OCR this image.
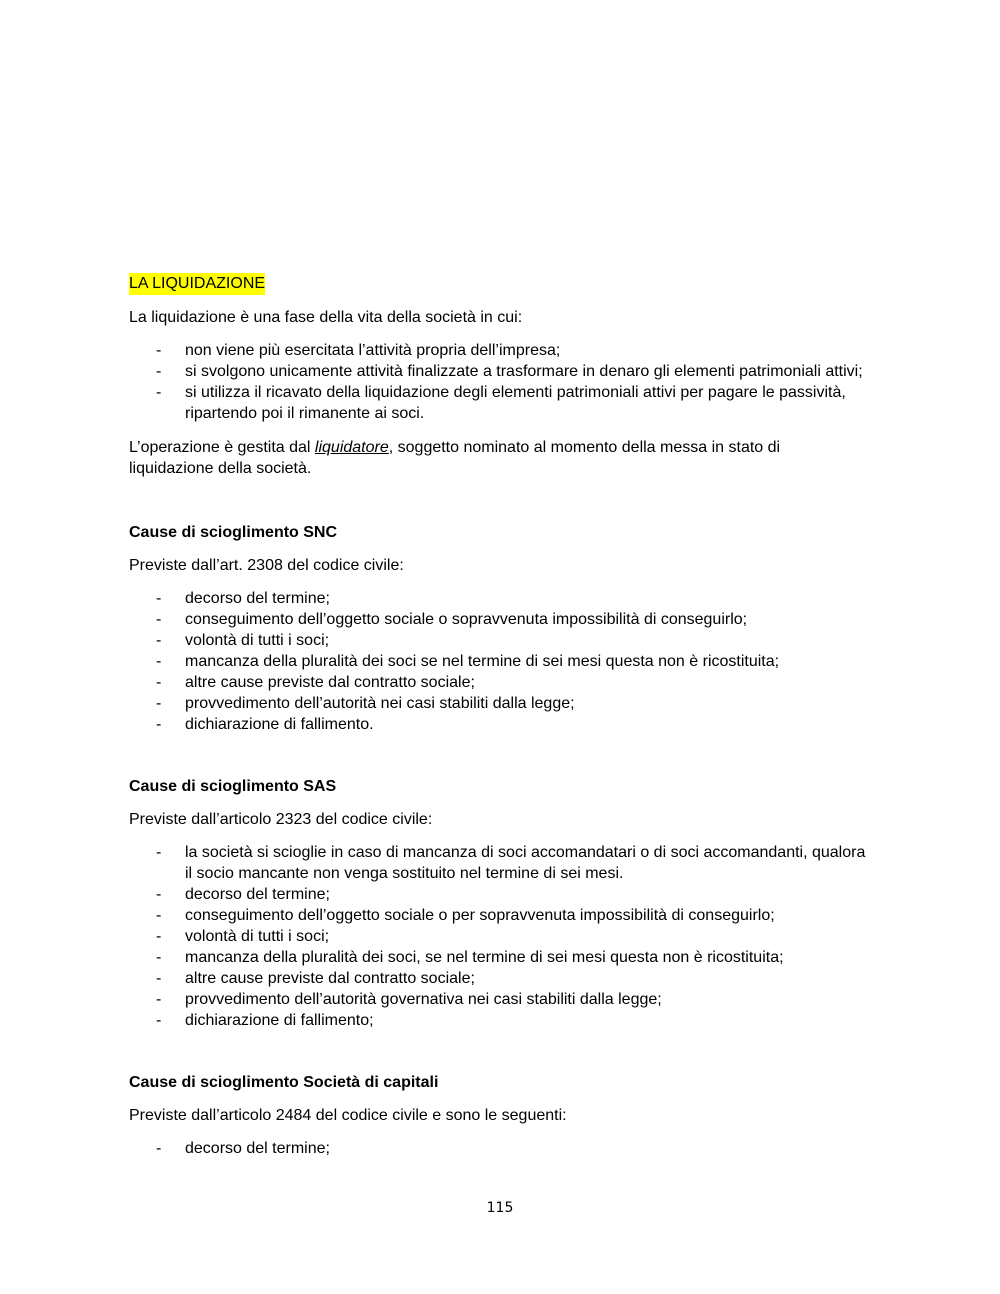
LA LIQUIDAZIONE

La liquidazione è una fase della vita della società in cui:

- non viene più esercitata l’attività propria dell’impresa;
- si svolgono unicamente attività finalizzate a trasformare in denaro gli elementi patrimoniali attivi;
- si utilizza il ricavato della liquidazione degli elementi patrimoniali attivi per pagare le passività, ripartendo poi il rimanente ai soci.

L’operazione è gestita dal liquidatore, soggetto nominato al momento della messa in stato di liquidazione della società.

Cause di scioglimento SNC

Previste dall’art. 2308 del codice civile:

- decorso del termine;
- conseguimento dell’oggetto sociale o sopravvenuta impossibilità di conseguirlo;
- volontà di tutti i soci;
- mancanza della pluralità dei soci se nel termine di sei mesi questa non è ricostituita;
- altre cause previste dal contratto sociale;
- provvedimento dell’autorità nei casi stabiliti dalla legge;
- dichiarazione di fallimento.

Cause di scioglimento SAS

Previste dall’articolo 2323 del codice civile:

- la società si scioglie in caso di mancanza di soci accomandatari o di soci accomandanti, qualora il socio mancante non venga sostituito nel termine di sei mesi.
- decorso del termine;
- conseguimento dell’oggetto sociale o per sopravvenuta impossibilità di conseguirlo;
- volontà di tutti i soci;
- mancanza della pluralità dei soci, se nel termine di sei mesi questa non è ricostituita;
- altre cause previste dal contratto sociale;
- provvedimento dell’autorità governativa nei casi stabiliti dalla legge;
- dichiarazione di fallimento;

Cause di scioglimento Società di capitali

Previste dall’articolo 2484 del codice civile e sono le seguenti:

- decorso del termine;
115
